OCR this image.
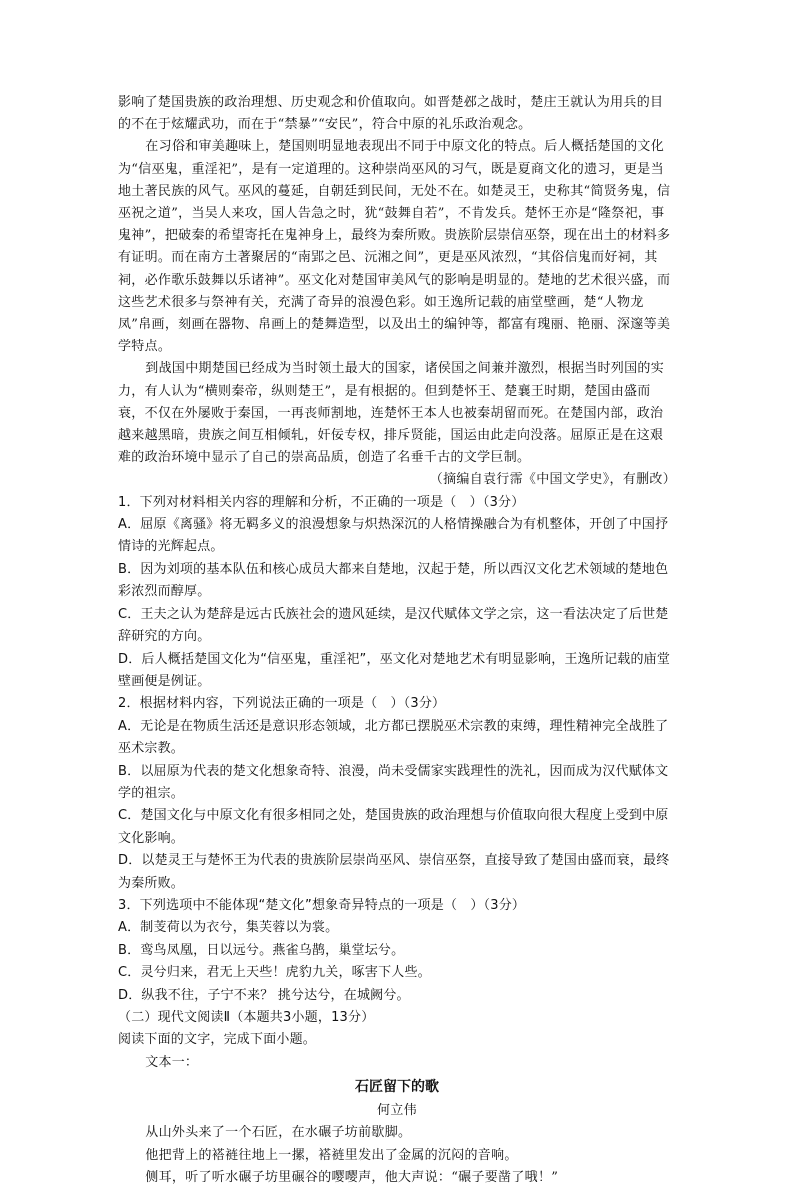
影响了楚国贵族的政治理想、历史观念和价值取向。如晋楚邲之战时，楚庄王就认为用兵的目的不在于炫耀武功，而在于“禁暴”“安民”，符合中原的礼乐政治观念。

在习俗和审美趣味上，楚国则明显地表现出不同于中原文化的特点。后人概括楚国的文化为“信巫鬼，重淫祀”，是有一定道理的。这种崇尚巫风的习气，既是夏商文化的遗习，更是当地土著民族的风气。巫风的蔓延，自朝廷到民间，无处不在。如楚灵王，史称其“简贤务鬼，信巫祝之道”，当吴人来攻，国人告急之时，犹“鼓舞自若”，不肯发兵。楚怀王亦是“隆祭祀，事鬼神”，把破秦的希望寄托在鬼神身上，最终为秦所败。贵族阶层崇信巫祭，现在出土的材料多有证明。而在南方土著聚居的“南郢之邑、沅湘之间”，更是巫风浓烈，“其俗信鬼而好祠，其祠，必作歌乐鼓舞以乐诸神”。巫文化对楚国审美风气的影响是明显的。楚地的艺术很兴盛，而这些艺术很多与祭神有关，充满了奇异的浪漫色彩。如王逸所记载的庙堂壁画，楚“人物龙凤”帛画，刻画在器物、帛画上的楚舞造型，以及出土的编钟等，都富有瑰丽、艳丽、深邃等美学特点。

到战国中期楚国已经成为当时领土最大的国家，诸侯国之间兼并激烈，根据当时列国的实力，有人认为“横则秦帝，纵则楚王”，是有根据的。但到楚怀王、楚襄王时期，楚国由盛而衰，不仅在外屡败于秦国，一再丧师割地，连楚怀王本人也被秦胡留而死。在楚国内部，政治越来越黑暗，贵族之间互相倾轧，奸佞专权，排斥贤能，国运由此走向没落。屈原正是在这艰难的政治环境中显示了自己的崇高品质，创造了名垂千古的文学巨制。

（摘编自袁行霈《中国文学史》，有删改）

1．下列对材料相关内容的理解和分析，不正确的一项是（　）（3分）

A．屈原《离骚》将无羁多义的浪漫想象与炽热深沉的人格情操融合为有机整体，开创了中国抒情诗的光辉起点。

B．因为刘项的基本队伍和核心成员大都来自楚地，汉起于楚，所以西汉文化艺术领域的楚地色彩浓烈而醇厚。

C．王夫之认为楚辞是远古氏族社会的遗风延续，是汉代赋体文学之宗，这一看法决定了后世楚辞研究的方向。

D．后人概括楚国文化为“信巫鬼，重淫祀”，巫文化对楚地艺术有明显影响，王逸所记载的庙堂壁画便是例证。

2．根据材料内容，下列说法正确的一项是（　）（3分）

A．无论是在物质生活还是意识形态领域，北方都已摆脱巫术宗教的束缚，理性精神完全战胜了巫术宗教。

B．以屈原为代表的楚文化想象奇特、浪漫，尚未受儒家实践理性的洗礼，因而成为汉代赋体文学的祖宗。

C．楚国文化与中原文化有很多相同之处，楚国贵族的政治理想与价值取向很大程度上受到中原文化影响。

D．以楚灵王与楚怀王为代表的贵族阶层崇尚巫风、崇信巫祭，直接导致了楚国由盛而衰，最终为秦所败。

3．下列选项中不能体现“楚文化”想象奇异特点的一项是（　）（3分）

A．制芰荷以为衣兮，集芙蓉以为裳。

B．鸾鸟凤凰，日以远兮。燕雀乌鹊，巢堂坛兮。

C．灵兮归来，君无上天些！虎豹九关，啄害下人些。

D．纵我不往，子宁不来？ 挑兮达兮，在城阙兮。

（二）现代文阅读Ⅱ（本题共3小题，13分）

阅读下面的文字，完成下面小题。

文本一：

石匠留下的歌

何立伟

从山外头来了一个石匠，在水碾子坊前歇脚。

他把背上的褡裢往地上一摞，褡裢里发出了金属的沉闷的音响。

侧耳，听了听水碾子坊里碾谷的嘤嘤声，他大声说：“碾子要凿了哦！”
